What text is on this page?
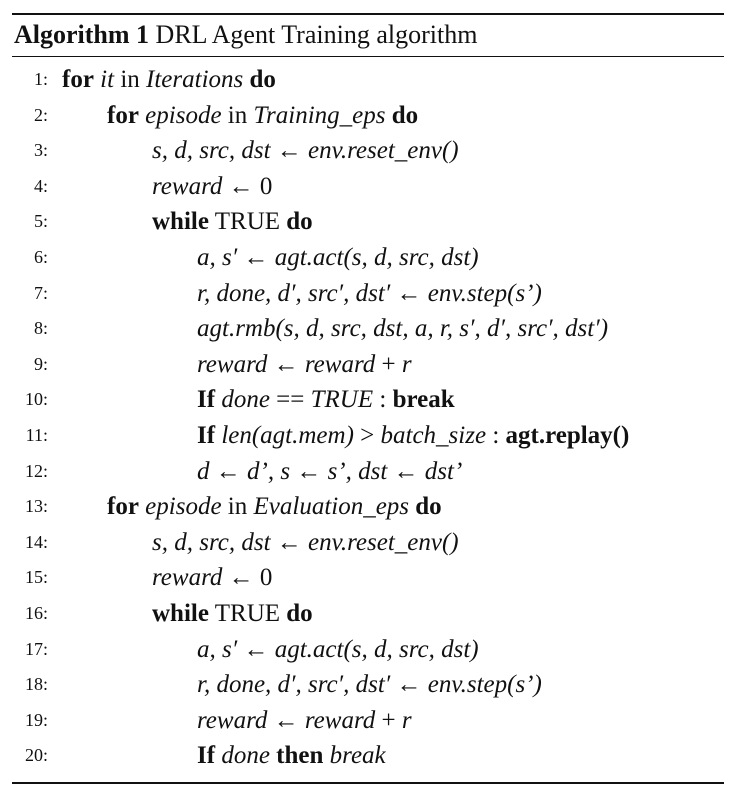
Algorithm 1 DRL Agent Training algorithm
1: for it in Iterations do
2: for episode in Training_eps do
3:	s, d, src, dst ← env.reset_env()
4:	reward ← 0
5:	while TRUE do
6:	a, s′ ← agt.act(s, d, src, dst)
7:	r, done, d′, src′, dst′ ← env.step(s’)
8:	agt.rmb(s, d, src, dst, a, r, s′, d′, src′, dst′)
9:	reward ← reward + r
10:	If done == TRUE : break
11:	If len(agt.mem) > batch_size : agt.replay()
12:	d ← d’, s ← s’, dst ← dst’
13: for episode in Evaluation_eps do
14:	s, d, src, dst ← env.reset_env()
15:	reward ← 0
16:	while TRUE do
17:	a, s′ ← agt.act(s, d, src, dst)
18:	r, done, d′, src′, dst′ ← env.step(s’)
19:	reward ← reward + r
20:	If done then break
